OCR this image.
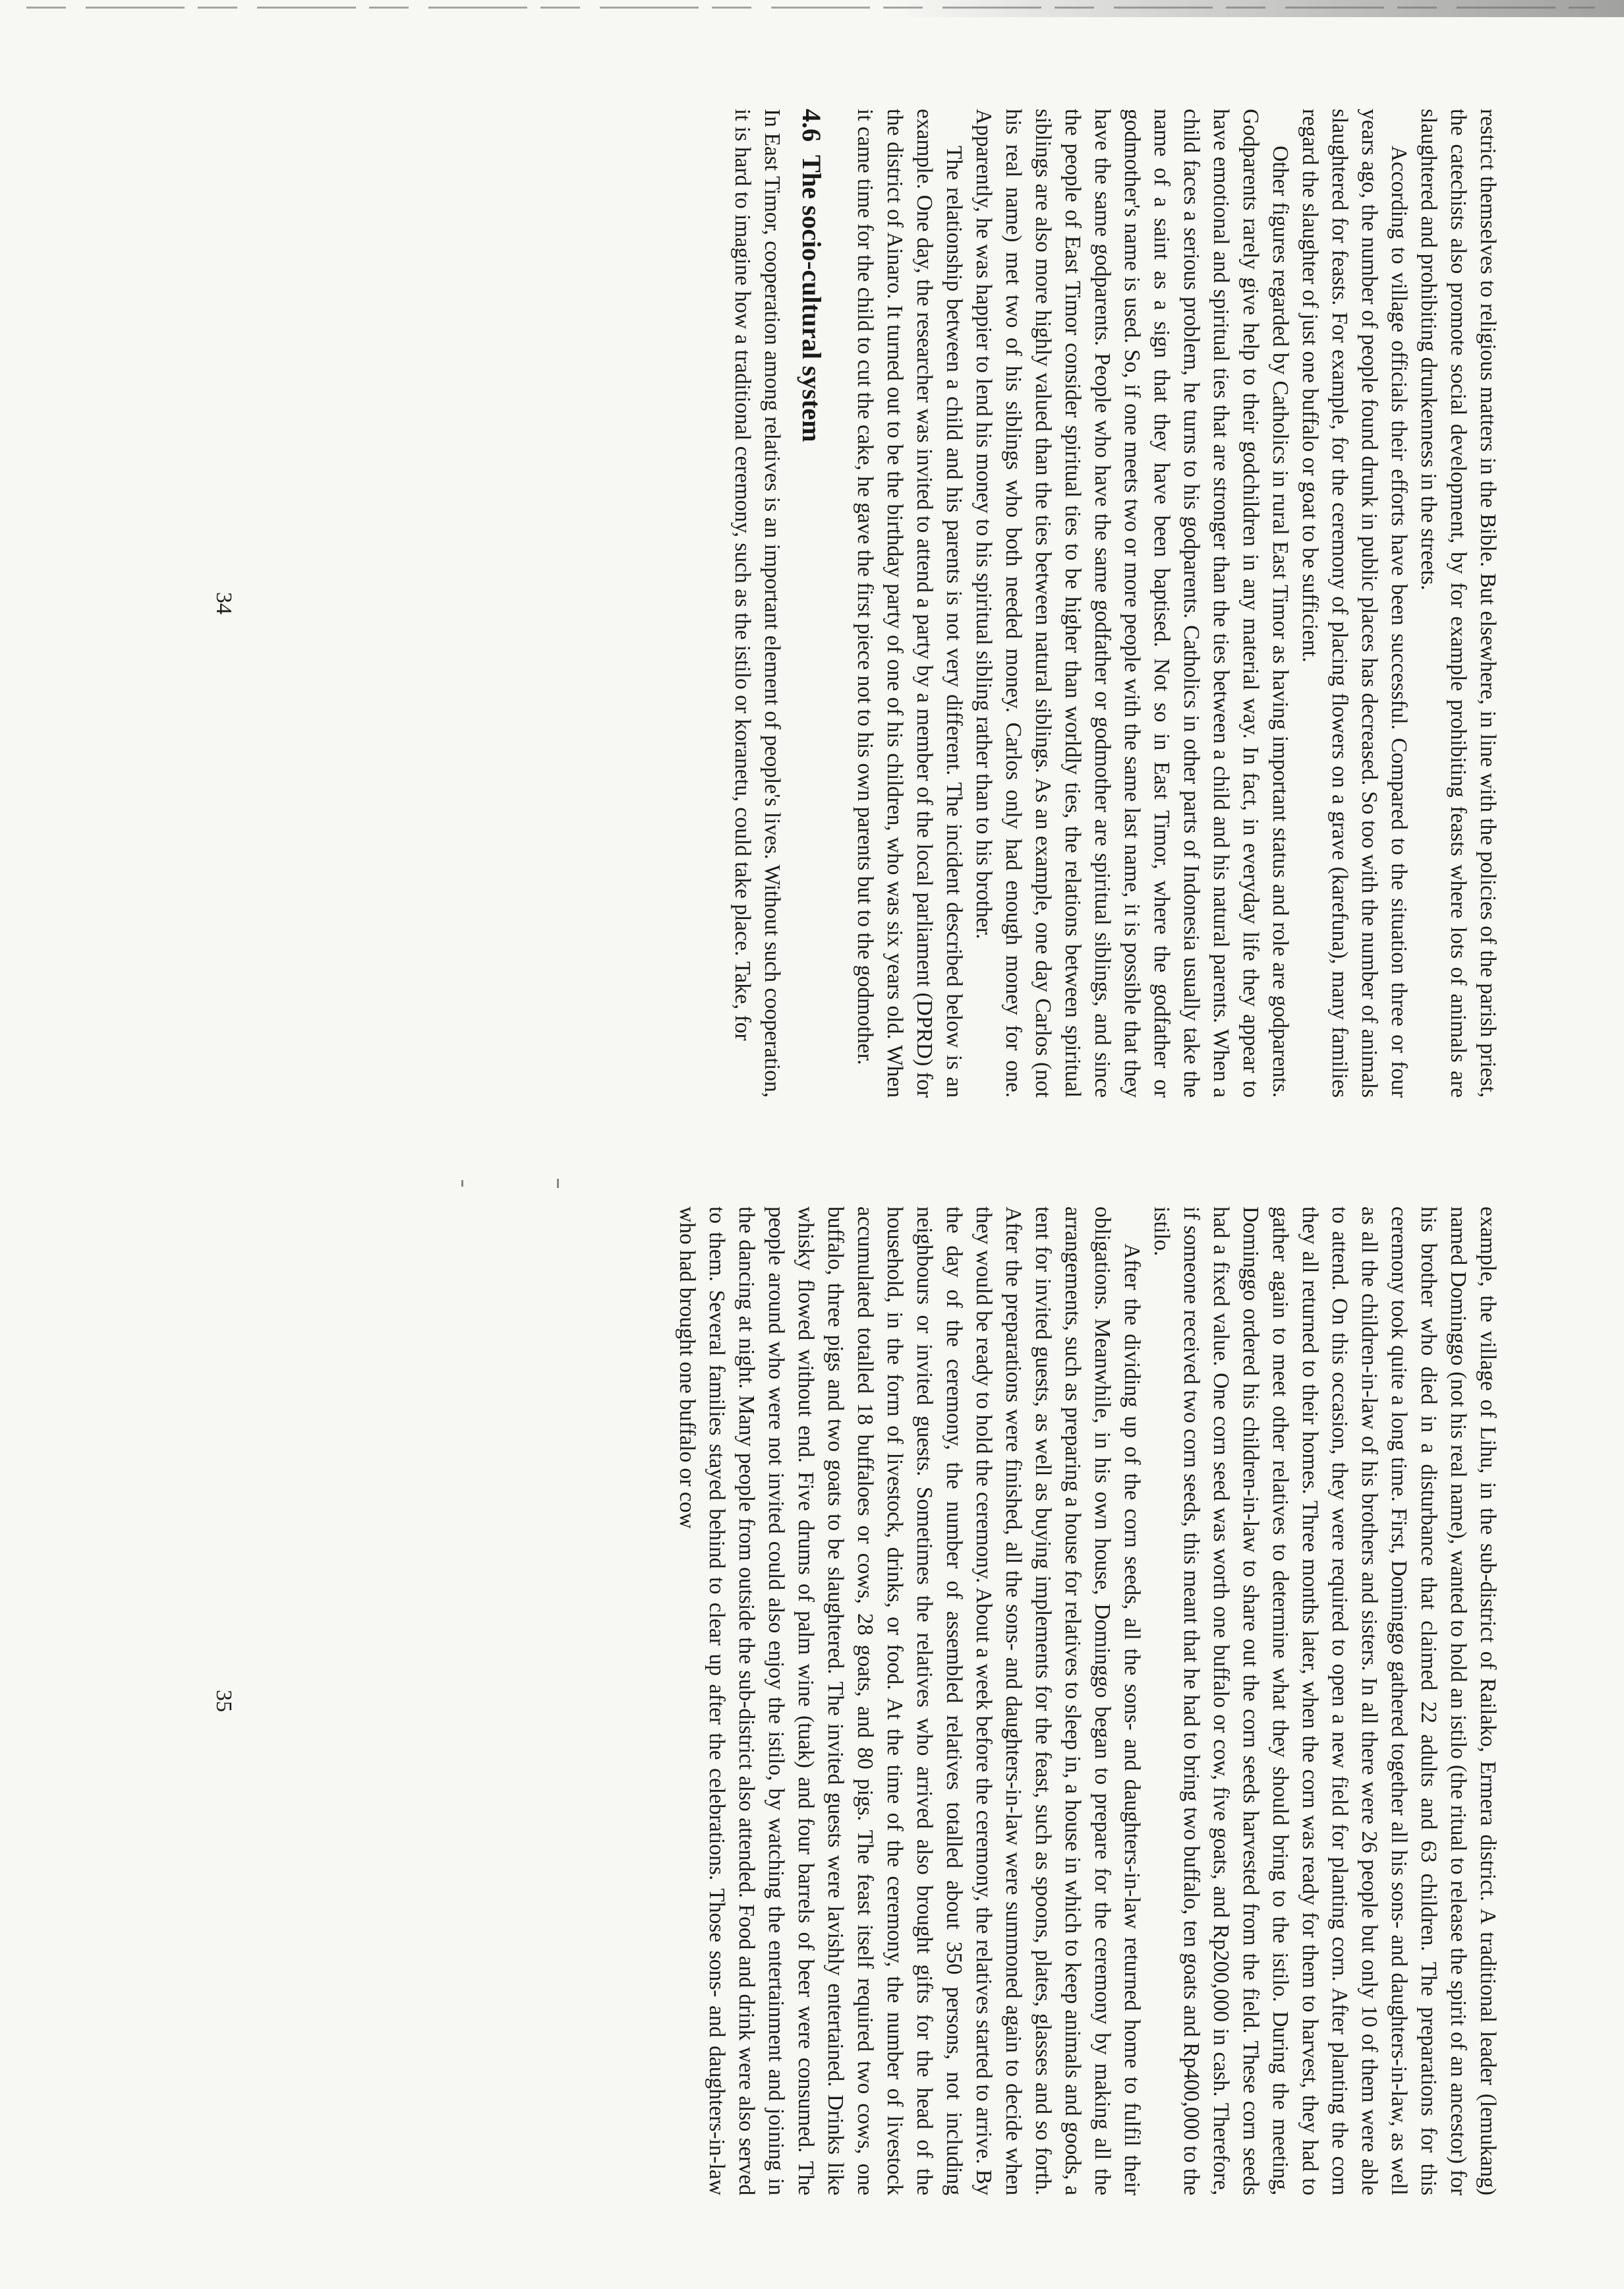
restrict themselves to religious matters in the Bible. But elsewhere, in line with the policies of the parish priest, the catechists also promote social development, by for example prohibiting feasts where lots of animals are slaughtered and prohibiting drunkenness in the streets.

According to village officials their efforts have been successful. Compared to the situation three or four years ago, the number of people found drunk in public places has decreased. So too with the number of animals slaughtered for feasts. For example, for the ceremony of placing flowers on a grave (karefuna), many families regard the slaughter of just one buffalo or goat to be sufficient.

Other figures regarded by Catholics in rural East Timor as having important status and role are godparents. Godparents rarely give help to their godchildren in any material way. In fact, in everyday life they appear to have emotional and spiritual ties that are stronger than the ties between a child and his natural parents. When a child faces a serious problem, he turns to his godparents. Catholics in other parts of Indonesia usually take the name of a saint as a sign that they have been baptised. Not so in East Timor, where the godfather or godmother's name is used. So, if one meets two or more people with the same last name, it is possible that they have the same godparents. People who have the same godfather or godmother are spiritual siblings, and since the people of East Timor consider spiritual ties to be higher than worldly ties, the relations between spiritual siblings are also more highly valued than the ties between natural siblings. As an example, one day Carlos (not his real name) met two of his siblings who both needed money. Carlos only had enough money for one. Apparently, he was happier to lend his money to his spiritual sibling rather than to his brother.

The relationship between a child and his parents is not very different. The incident described below is an example. One day, the researcher was invited to attend a party by a member of the local parliament (DPRD) for the district of Ainaro. It turned out to be the birthday party of one of his children, who was six years old. When it came time for the child to cut the cake, he gave the first piece not to his own parents but to the godmother.

4.6The socio-cultural system

In East Timor, cooperation among relatives is an important element of people's lives. Without such cooperation, it is hard to imagine how a traditional ceremony, such as the istilo or koranetu, could take place. Take, for

34

example, the village of Lihu, in the sub-district of Railako, Ermera district. A traditional leader (lemukang) named Dominggo (not his real name), wanted to hold an istilo (the ritual to release the spirit of an ancestor) for his brother who died in a disturbance that claimed 22 adults and 63 children. The preparations for this ceremony took quite a long time. First, Dominggo gathered together all his sons- and daughters-in-law, as well as all the children-in-law of his brothers and sisters. In all there were 26 people but only 10 of them were able to attend. On this occasion, they were required to open a new field for planting corn. After planting the corn they all returned to their homes. Three months later, when the corn was ready for them to harvest, they had to gather again to meet other relatives to determine what they should bring to the istilo. During the meeting, Dominggo ordered his children-in-law to share out the corn seeds harvested from the field. These corn seeds had a fixed value. One corn seed was worth one buffalo or cow, five goats, and Rp200,000 in cash. Therefore, if someone received two corn seeds, this meant that he had to bring two buffalo, ten goats and Rp400,000 to the istilo.

After the dividing up of the corn seeds, all the sons- and daughters-in-law returned home to fulfil their obligations. Meanwhile, in his own house, Dominggo began to prepare for the ceremony by making all the arrangements, such as preparing a house for relatives to sleep in, a house in which to keep animals and goods, a tent for invited guests, as well as buying implements for the feast, such as spoons, plates, glasses and so forth. After the preparations were finished, all the sons- and daughters-in-law were summoned again to decide when they would be ready to hold the ceremony. About a week before the ceremony, the relatives started to arrive. By the day of the ceremony, the number of assembled relatives totalled about 350 persons, not including neighbours or invited guests. Sometimes the relatives who arrived also brought gifts for the head of the household, in the form of livestock, drinks, or food. At the time of the ceremony, the number of livestock accumulated totalled 18 buffaloes or cows, 28 goats, and 80 pigs. The feast itself required two cows, one buffalo, three pigs and two goats to be slaughtered. The invited guests were lavishly entertained. Drinks like whisky flowed without end. Five drums of palm wine (tuak) and four barrels of beer were consumed. The people around who were not invited could also enjoy the istilo, by watching the entertainment and joining in the dancing at night. Many people from outside the sub-district also attended. Food and drink were also served to them. Several families stayed behind to clear up after the celebrations. Those sons- and daughters-in-law who had brought one buffalo or cow

35
